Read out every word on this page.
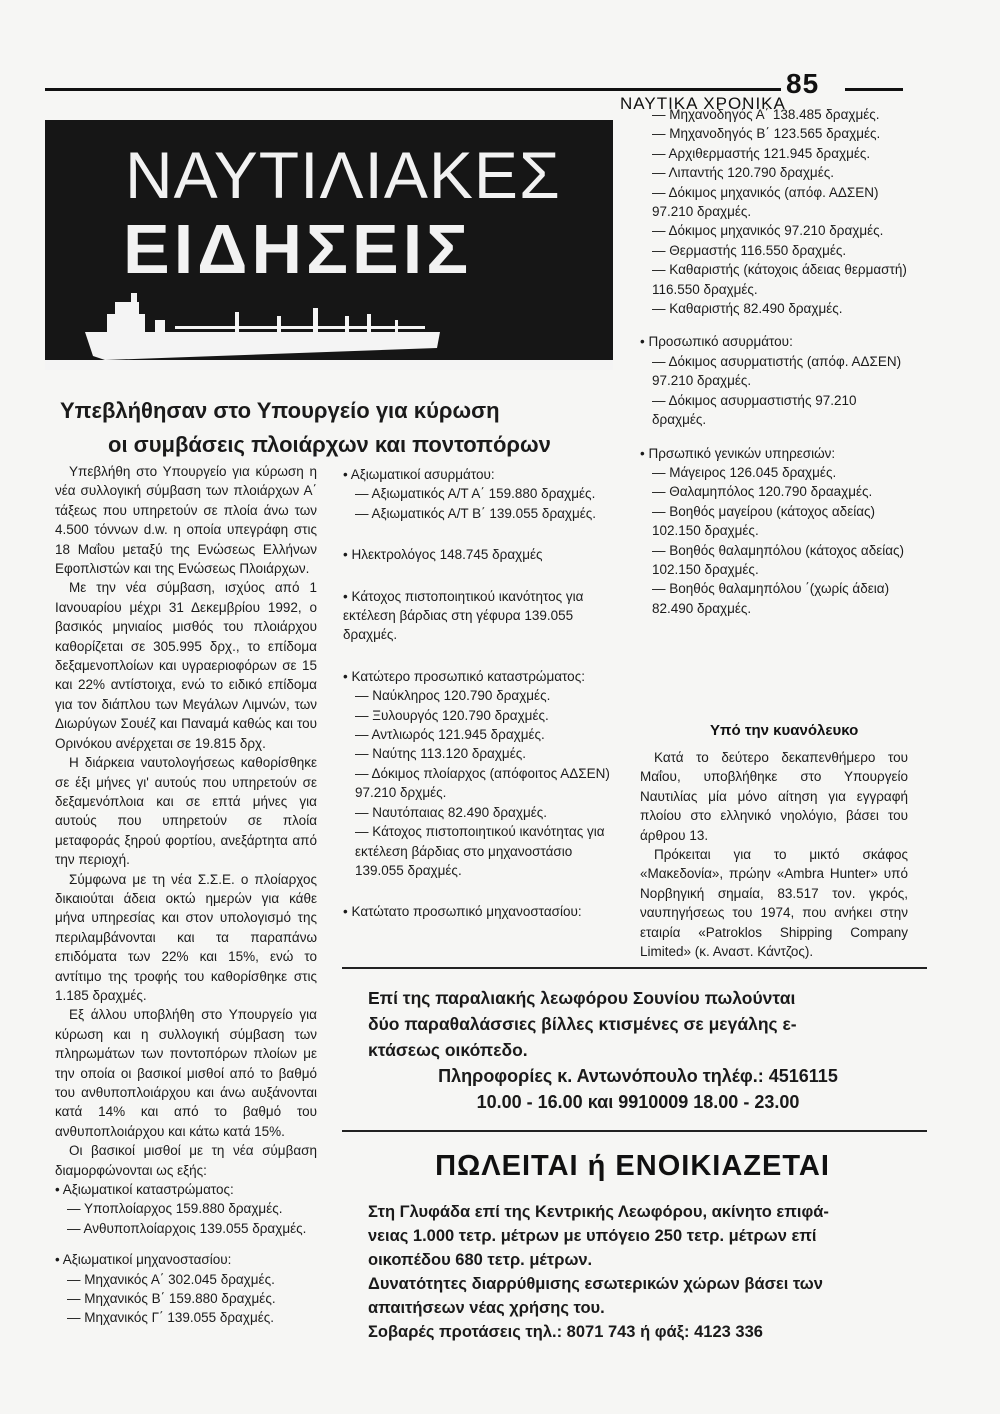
85
ΝΑΥΤΙΚΑ ΧΡΟΝΙΚΑ
ΝΑΥΤΙΛΙΑΚΕΣ
ΕΙΔΗΣΕΙΣ
Υπεβλήθησαν στο Υπουργείο για κύρωση
οι συμβάσεις πλοιάρχων και ποντοπόρων

Υπεβλήθη στο Υπουργείο για κύρωση η νέα συλλογική σύμβαση των πλοιάρχων Α΄ τάξεως που υπηρετούν σε πλοία άνω των 4.500 τόννων d.w. η οποία υπεγράφη στις 18 Μαΐου μεταξύ της Ενώσεως Ελλήνων Εφοπλιστών και της Ενώσεως Πλοιάρχων.

Με την νέα σύμβαση, ισχύος από 1 Ιανουαρίου μέχρι 31 Δεκεμβρίου 1992, ο βασικός μηνιαίος μισθός του πλοιάρχου καθορίζεται σε 305.995 δρχ., το επίδομα δεξαμενοπλοίων και υγραεριοφόρων σε 15 και 22% αντίστοιχα, ενώ το ειδικό επίδομα για τον διάπλου των Μεγάλων Λιμνών, των Διωρύγων Σουέζ και Παναμά καθώς και του Ορινόκου ανέρχεται σε 19.815 δρχ.

Η διάρκεια ναυτολογήσεως καθορίσθηκε σε έξι μήνες γι' αυτούς που υπηρετούν σε δεξαμενόπλοια και σε επτά μήνες για αυτούς που υπηρετούν σε πλοία μεταφοράς ξηρού φορτίου, ανεξάρτητα από την περιοχή.

Σύμφωνα με τη νέα Σ.Σ.Ε. ο πλοίαρχος δικαιούται άδεια οκτώ ημερών για κάθε μήνα υπηρεσίας και στον υπολογισμό της περιλαμβάνονται και τα παραπάνω επιδόματα των 22% και 15%, ενώ το αντίτιμο της τροφής του καθορίσθηκε στις 1.185 δραχμές.

Εξ άλλου υποβλήθη στο Υπουργείο για κύρωση και η συλλογική σύμβαση των πληρωμάτων των ποντοπόρων πλοίων με την οποία οι βασικοί μισθοί από το βαθμό του ανθυποπλοιάρχου και άνω αυξάνονται κατά 14% και από το βαθμό του ανθυποπλοιάρχου και κάτω κατά 15%.

Οι βασικοί μισθοί με τη νέα σύμβαση διαμορφώνονται ως εξής:

• Αξιωματικοί καταστρώματος:
— Υποπλοίαρχος 159.880 δραχμές.
— Ανθυποπλοίαρχοις 139.055 δραχμές.
• Αξιωματικοί μηχανοστασίου:
— Μηχανικός Α΄ 302.045 δραχμές.
— Μηχανικός Β΄ 159.880 δραχμές.
— Μηχανικός Γ΄ 139.055 δραχμές.
• Αξιωματικοί ασυρμάτου:
— Αξιωματικός Α/Τ Α΄ 159.880 δραχμές.
— Αξιωματικός Α/Τ Β΄ 139.055 δραχμές.
• Ηλεκτρολόγος 148.745 δραχμές
• Κάτοχος πιστοποιητικού ικανότητος για εκτέλεση βάρδιας στη γέφυρα 139.055 δραχμές.
• Κατώτερο προσωπικό καταστρώματος:
— Ναύκληρος 120.790 δραχμές.
— Ξυλουργός 120.790 δραχμές.
— Αντλιωρός 121.945 δραχμές.
— Ναύτης 113.120 δραχμές.
— Δόκιμος πλοίαρχος (απόφοιτος ΑΔΣΕΝ) 97.210 δρχμές.
— Ναυτόπαιας 82.490 δραχμές.
— Κάτοχος πιστοποιητικού ικανότητας για εκτέλεση βάρδιας στο μηχανοστάσιο 139.055 δραχμές.
• Κατώτατο προσωπικό μηχανοστασίου:
— Μηχανοδηγός Α΄ 138.485 δραχμές.
— Μηχανοδηγός Β΄ 123.565 δραχμές.
— Αρχιθερμαστής 121.945 δραχμές.
— Λιπαντής 120.790 δραχμές.
— Δόκιμος μηχανικός (απόφ. ΑΔΣΕΝ) 97.210 δραχμές.
— Δόκιμος μηχανικός 97.210 δραχμές.
— Θερμαστής 116.550 δραχμές.
— Καθαριστής (κάτοχοις άδειας θερμαστή) 116.550 δραχμές.
— Καθαριστής 82.490 δραχμές.
• Προσωπικό ασυρμάτου:
— Δόκιμος ασυρματιστής (απόφ. ΑΔΣΕΝ) 97.210 δραχμές.
— Δόκιμος ασυρμαστιστής 97.210 δραχμές.
• Πρσωπικό γενικών υπηρεσιών:
— Μάγειρος 126.045 δραχμές.
— Θαλαμηπόλος 120.790 δραaχμές.
— Βοηθός μαγείρου (κάτοχος αδείας) 102.150 δραχμές.
— Βοηθός θαλαμηπόλου (κάτοχος αδείας) 102.150 δραχμές.
— Βοηθός θαλαμηπόλου ΄(χωρίς άδεια) 82.490 δραχμές.
Υπό την κυανόλευκο

Κατά το δεύτερο δεκαπενθήμερο του Μαΐου, υποβλήθηκε στο Υπουργείο Ναυτιλίας μία μόνο αίτηση για εγγραφή πλοίου στο ελληνικό νηολόγιο, βάσει του άρθρου 13.

Πρόκειται για το μικτό σκάφος «Μακεδονία», πρώην «Ambra Hunter» υπό Νορβηγική σημαία, 83.517 τον. γκρός, ναυπηγήσεως του 1974, που ανήκει στην εταιρία «Patroklos Shipping Company Limited» (κ. Αναστ. Κάντζος).

Επί της παραλιακής λεωφόρου Σουνίου πωλούνται
δύο παραθαλάσσιες βίλλες κτισμένες σε μεγάλης ε-
κτάσεως οικόπεδο.
Πληροφορίες κ. Αντωνόπουλο τηλέφ.: 4516115
10.00 - 16.00 και 9910009 18.00 - 23.00
ΠΩΛΕΙΤΑΙ ή ΕΝΟΙΚΙΑΖΕΤΑΙ
Στη Γλυφάδα επί της Κεντρικής Λεωφόρου, ακίνητο επιφά-
νειας 1.000 τετρ. μέτρων με υπόγειο 250 τετρ. μέτρων επί
οικοπέδου 680 τετρ. μέτρων.
Δυνατότητες διαρρύθμισης εσωτερικών χώρων βάσει των
απαιτήσεων νέας χρήσης του.
Σοβαρές προτάσεις τηλ.: 8071 743 ή φάξ: 4123 336
